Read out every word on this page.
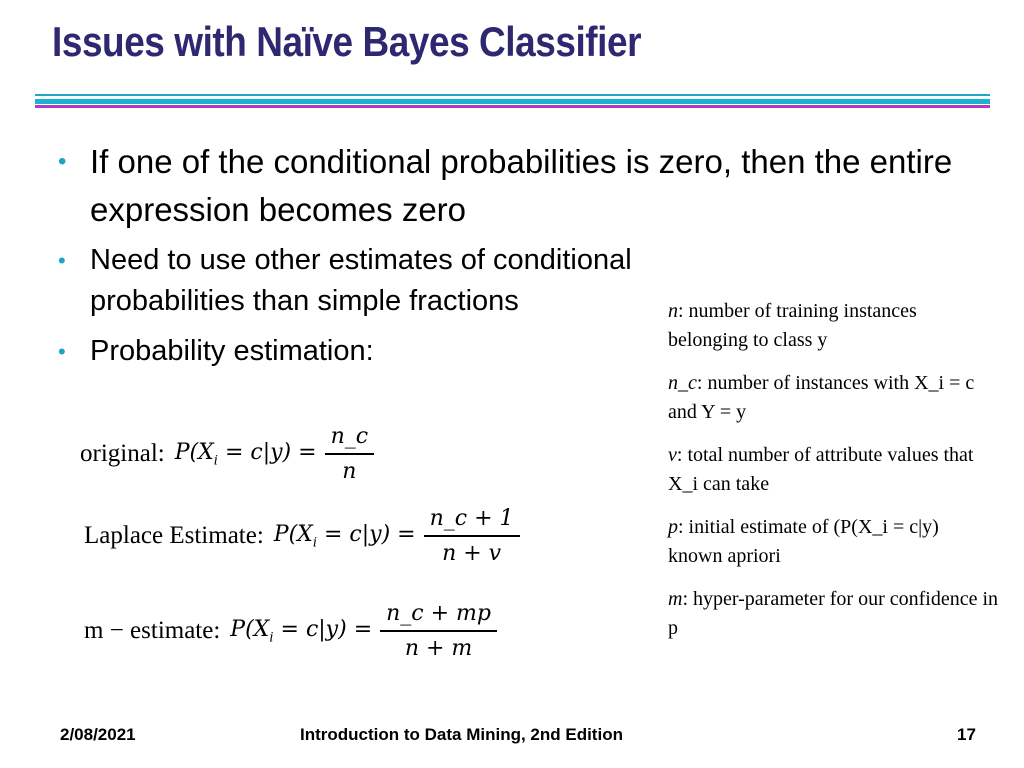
Issues with Naïve Bayes Classifier
• If one of the conditional probabilities is zero, then the entire expression becomes zero
• Need to use other estimates of conditional probabilities than simple fractions
• Probability estimation:
original: $P(X_i = c|y) = \frac{n\_c}{n}$
Laplace Estimate: $P(X_i = c|y) = \frac{n\_c + 1}{n + v}$
m − estimate: $P(X_i = c|y) = \frac{n\_c + mp}{n + m}$
n: number of training instances belonging to class y
n_c: number of instances with X_i = c and Y = y
v: total number of attribute values that X_i can take
p: initial estimate of (P(X_i = c|y) known apriori
m: hyper-parameter for our confidence in p
2/08/2021	Introduction to Data Mining, 2nd Edition	17
